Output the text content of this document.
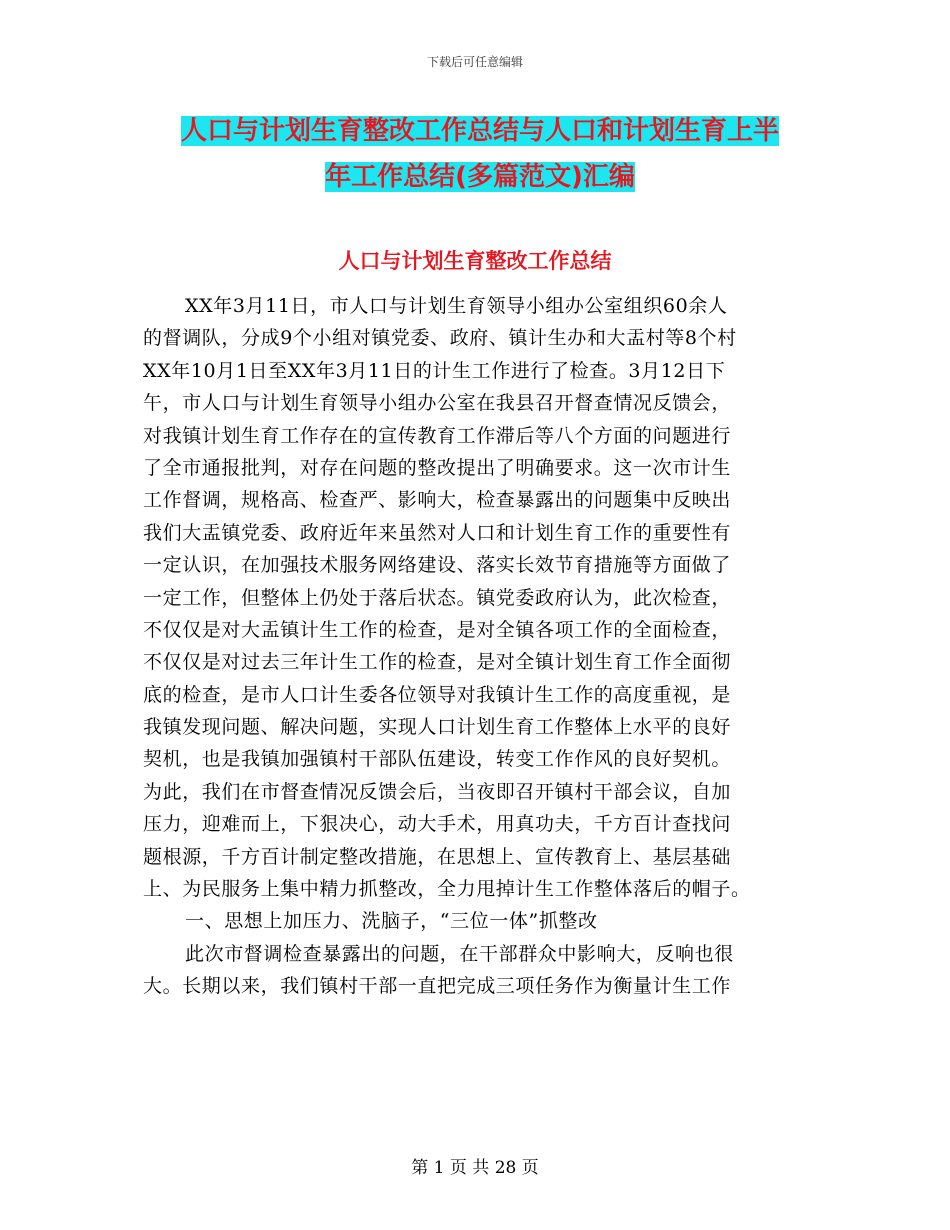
下载后可任意编辑
人口与计划生育整改工作总结与人口和计划生育上半
年工作总结(多篇范文)汇编
人口与计划生育整改工作总结
XX年3月11日，市人口与计划生育领导小组办公室组织60余人
的督调队，分成9个小组对镇党委、政府、镇计生办和大盂村等8个村
XX年10月1日至XX年3月11日的计生工作进行了检查。3月12日下
午，市人口与计划生育领导小组办公室在我县召开督查情况反馈会，
对我镇计划生育工作存在的宣传教育工作滞后等八个方面的问题进行
了全市通报批判，对存在问题的整改提出了明确要求。这一次市计生
工作督调，规格高、检查严、影响大，检查暴露出的问题集中反映出
我们大盂镇党委、政府近年来虽然对人口和计划生育工作的重要性有
一定认识，在加强技术服务网络建设、落实长效节育措施等方面做了
一定工作，但整体上仍处于落后状态。镇党委政府认为，此次检查，
不仅仅是对大盂镇计生工作的检查，是对全镇各项工作的全面检查，
不仅仅是对过去三年计生工作的检查，是对全镇计划生育工作全面彻
底的检查，是市人口计生委各位领导对我镇计生工作的高度重视，是
我镇发现问题、解决问题，实现人口计划生育工作整体上水平的良好
契机，也是我镇加强镇村干部队伍建设，转变工作作风的良好契机。
为此，我们在市督查情况反馈会后，当夜即召开镇村干部会议，自加
压力，迎难而上，下狠决心，动大手术，用真功夫，千方百计查找问
题根源，千方百计制定整改措施，在思想上、宣传教育上、基层基础
上、为民服务上集中精力抓整改，全力甩掉计生工作整体落后的帽子。
一、思想上加压力、洗脑子，“三位一体”抓整改
此次市督调检查暴露出的问题，在干部群众中影响大，反响也很
大。长期以来，我们镇村干部一直把完成三项任务作为衡量计生工作
第 1 页 共 28 页
